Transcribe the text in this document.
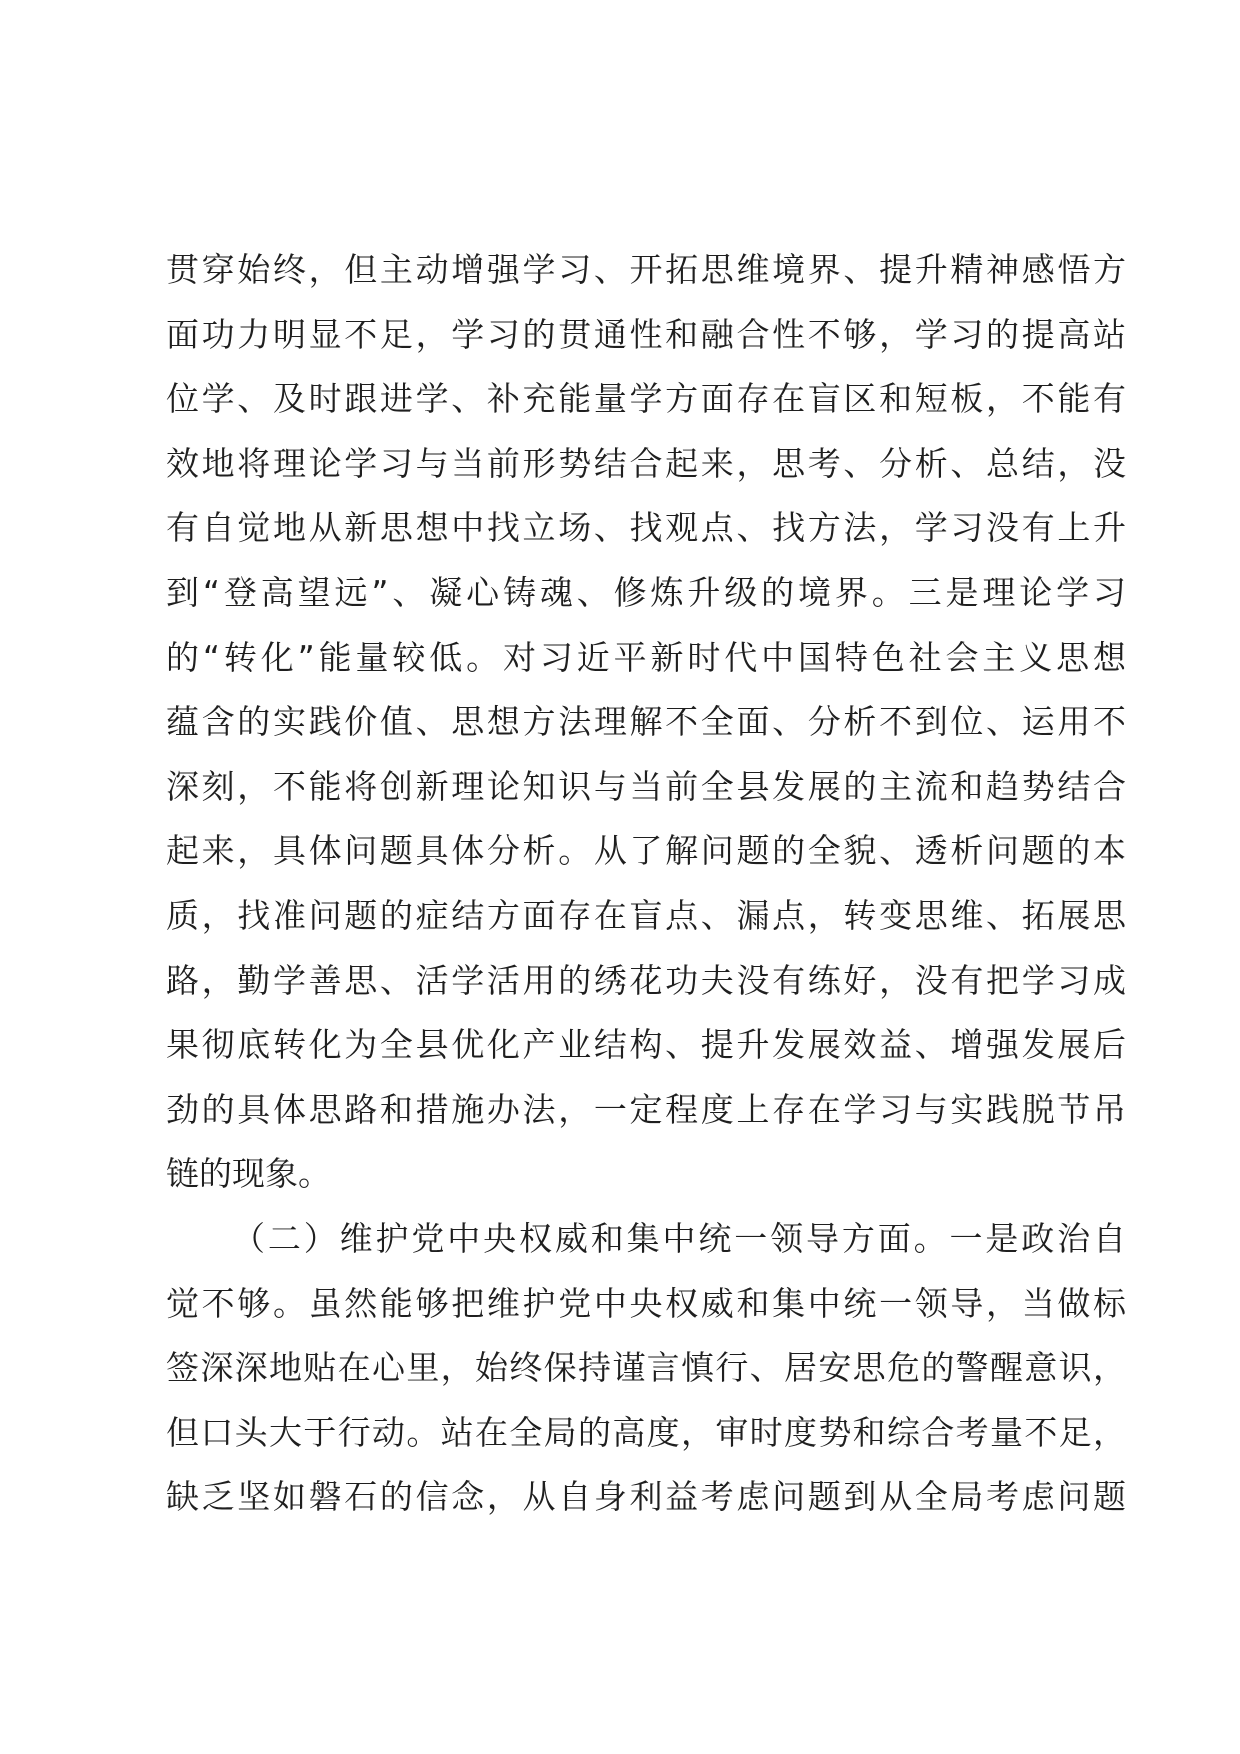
贯穿始终，但主动增强学习、开拓思维境界、提升精神感悟方
面功力明显不足，学习的贯通性和融合性不够，学习的提高站
位学、及时跟进学、补充能量学方面存在盲区和短板，不能有
效地将理论学习与当前形势结合起来，思考、分析、总结，没
有自觉地从新思想中找立场、找观点、找方法，学习没有上升
到“登高望远”、凝心铸魂、修炼升级的境界。三是理论学习
的“转化”能量较低。对习近平新时代中国特色社会主义思想
蕴含的实践价值、思想方法理解不全面、分析不到位、运用不
深刻，不能将创新理论知识与当前全县发展的主流和趋势结合
起来，具体问题具体分析。从了解问题的全貌、透析问题的本
质，找准问题的症结方面存在盲点、漏点，转变思维、拓展思
路，勤学善思、活学活用的绣花功夫没有练好，没有把学习成
果彻底转化为全县优化产业结构、提升发展效益、增强发展后
劲的具体思路和措施办法，一定程度上存在学习与实践脱节吊
链的现象。
（二）维护党中央权威和集中统一领导方面。一是政治自
觉不够。虽然能够把维护党中央权威和集中统一领导，当做标
签深深地贴在心里，始终保持谨言慎行、居安思危的警醒意识，
但口头大于行动。站在全局的高度，审时度势和综合考量不足，
缺乏坚如磐石的信念，从自身利益考虑问题到从全局考虑问题
